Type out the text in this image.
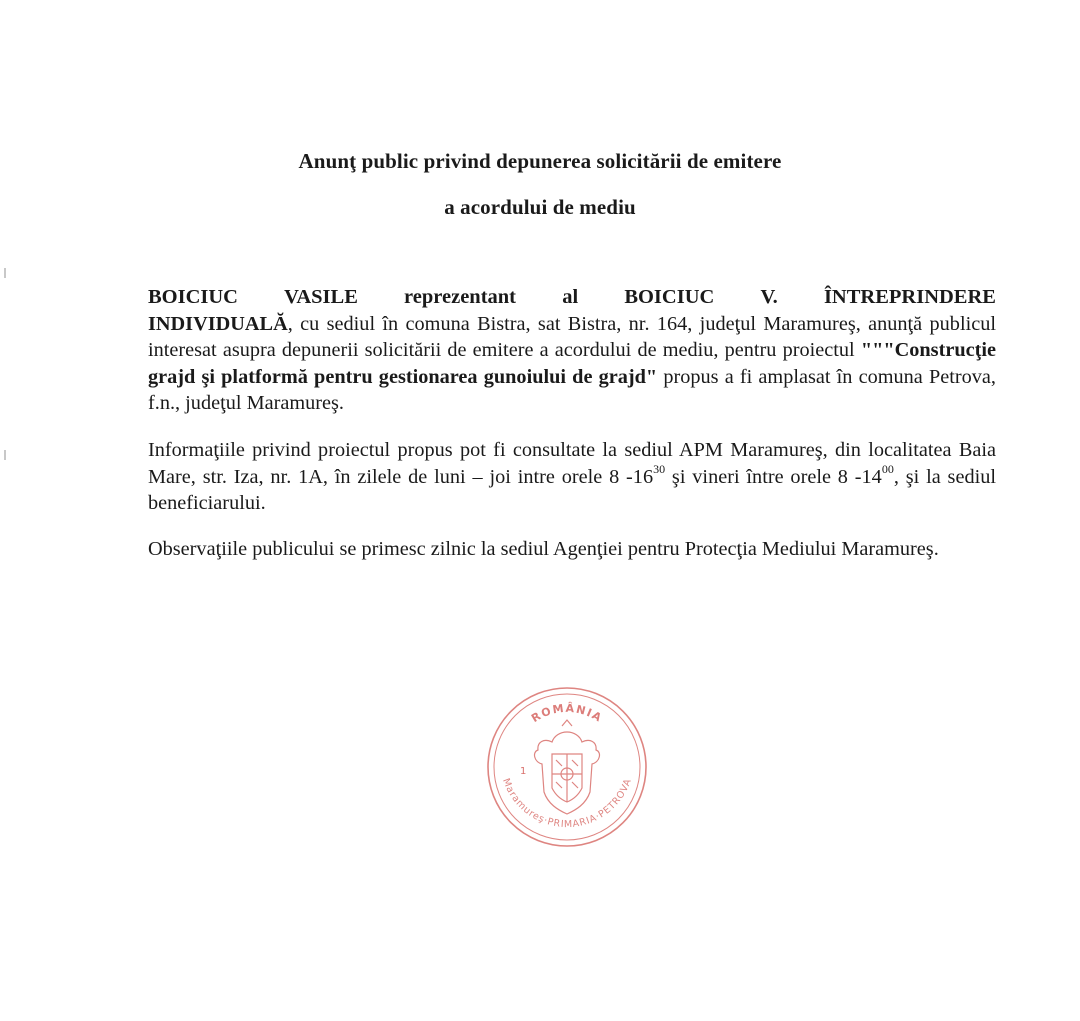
Anunţ public privind depunerea solicitării de emitere
a acordului de mediu
BOICIUC VASILE reprezentant al BOICIUC V. ÎNTREPRINDERE
INDIVIDUALĂ, cu sediul în comuna Bistra, sat Bistra, nr. 164, judeţul Maramureş, anunţă publicul interesat asupra depunerii solicitării de emitere a acordului de mediu, pentru proiectul """Construcţie grajd şi platformă pentru gestionarea gunoiului de grajd" propus a fi amplasat în comuna Petrova, f.n., judeţul Maramureş.
Informaţiile privind proiectul propus pot fi consultate la sediul APM Maramureş, din localitatea Baia Mare, str. Iza, nr. 1A, în zilele de luni – joi intre orele 8 $-16^{30}$ şi vineri între orele 8 $-14^{00}$, şi la sediul beneficiarului.
Observaţiile publicului se primesc zilnic la sediul Agenţiei pentru Protecţia Mediului Maramureş.
ROMÂNIA
Maramureş·PRIMARIA·PETROVA
1
